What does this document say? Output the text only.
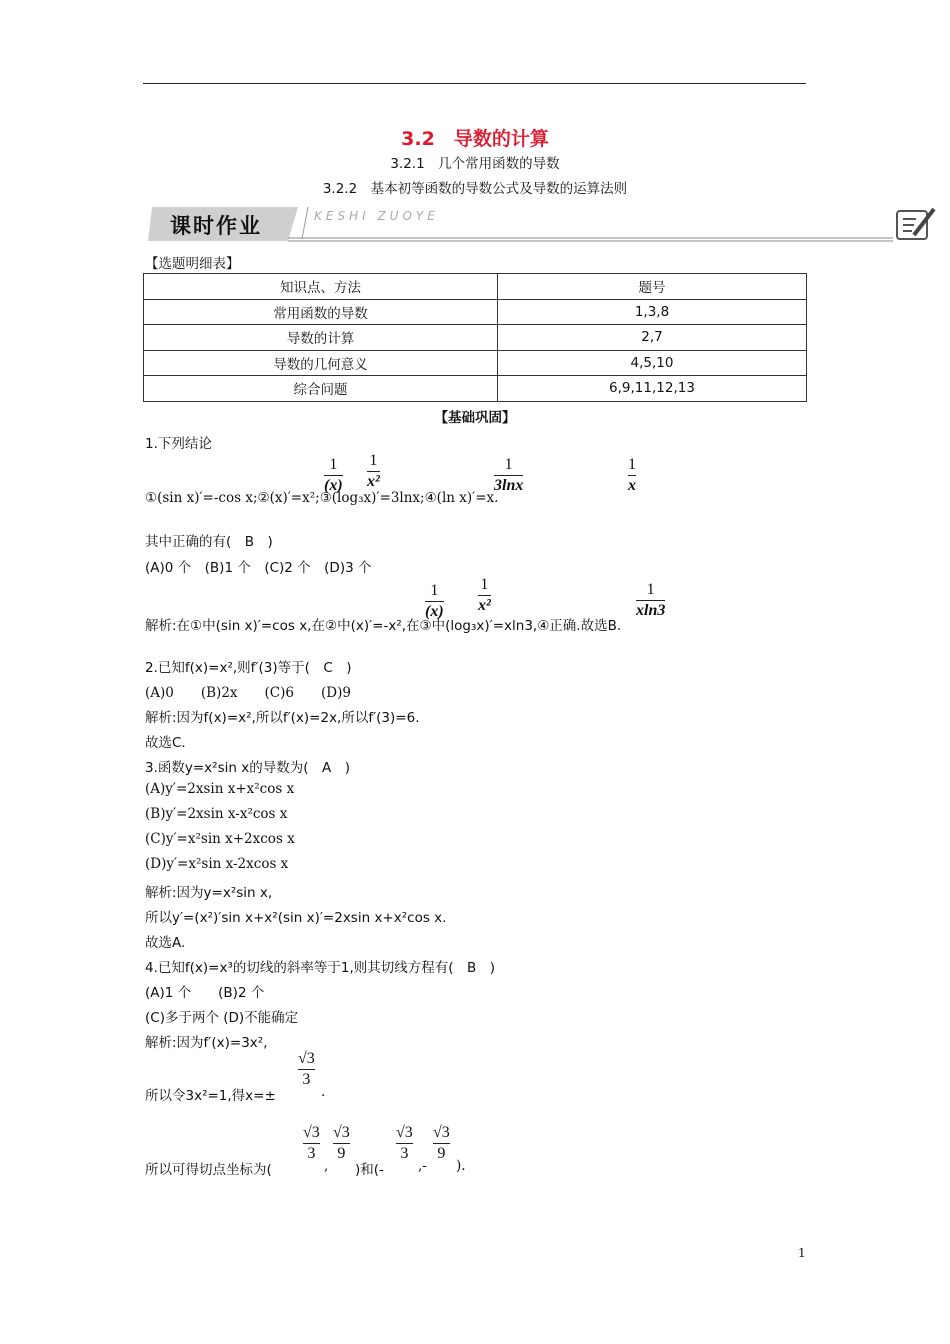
3.2　导数的计算
3.2.1　几个常用函数的导数
3.2.2　基本初等函数的导数公式及导数的运算法则
课时作业	KESHI ZUOYE
【选题明细表】
知识点、方法	题号
常用函数的导数	1,3,8
导数的计算	2,7
导数的几何意义	4,5,10
综合问题	6,9,11,12,13
【基础巩固】
1.下列结论
1
(x)
1
x²
1
3lnx
1
x
①(sin x)′=-cos x;②(x)′=x²;③(log₃x)′=3lnx;④(ln x)′=x.
其中正确的有(　B　)
(A)0 个　(B)1 个　(C)2 个　(D)3 个
1
(x)
1
x²
1
xln3
解析:在①中(sin x)′=cos x,在②中(x)′=-x²,在③中(log₃x)′=xln3,④正确.故选B.
2.已知f(x)=x²,则f′(3)等于(　C　)
(A)0　　(B)2x　　(C)6　　(D)9
解析:因为f(x)=x²,所以f′(x)=2x,所以f′(3)=6.
故选C.
3.函数y=x²sin x的导数为(　A　)
(A)y′=2xsin x+x²cos x
(B)y′=2xsin x-x²cos x
(C)y′=x²sin x+2xcos x
(D)y′=x²sin x-2xcos x
解析:因为y=x²sin x,
所以y′=(x²)′sin x+x²(sin x)′=2xsin x+x²cos x.
故选A.
4.已知f(x)=x³的切线的斜率等于1,则其切线方程有(　B　)
(A)1 个　　(B)2 个
(C)多于两个 (D)不能确定
解析:因为f′(x)=3x²,
√3
3
所以令3x²=1,得x=±	.
√3
3
√3
9
√3
3
√3
9
所以可得切点坐标为(	, )和(-	,- ).
1
